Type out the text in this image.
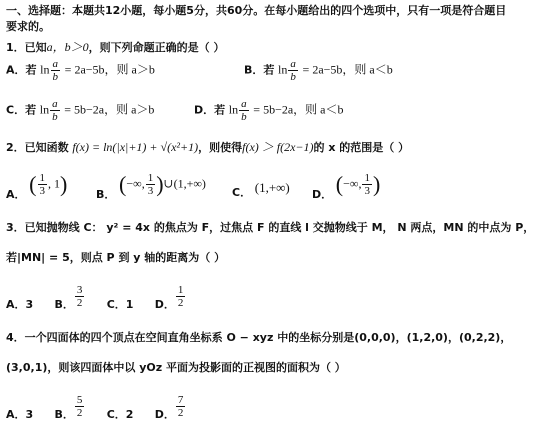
一、选择题：本题共12小题，每小题5分，共60分。在每小题给出的四个选项中，只有一项是符合题目
要求的。
1．已知a，b＞0，则下列命题正确的是（ ）
A．若 $\ln \frac{a}{b} = 2a-5b$，则 a＞b	B．若 $\ln \frac{a}{b} = 2a-5b$，则 a＜b
C．若 $\ln \frac{a}{b} = 5b-2a$，则 a＞b	D．若 $\ln \frac{a}{b} = 5b-2a$，则 a＜b
2．已知函数 f(x) = ln(|x|+1) + √(x²+1)，则使得f(x) ＞ f(2x−1)的 x 的范围是（ ）
A． ( $\frac{1}{3}$ , 1)	B． (−∞, $\frac{1}{3}$ )∪(1,+∞)
C． (1,+∞) D． (−∞, $\frac{1}{3}$ )
3．已知抛物线 C： y² = 4x 的焦点为 F，过焦点 F 的直线 l 交抛物线于 M， N 两点，MN 的中点为 P，
若|MN| = 5，则点 P 到 y 轴的距离为（ ）
A．3 B． $\frac{3}{2}$ C．1 D． $\frac{1}{2}$
4．一个四面体的四个顶点在空间直角坐标系 O − xyz 中的坐标分别是(0,0,0)，(1,2,0)，(0,2,2)，
(3,0,1)，则该四面体中以 yOz 平面为投影面的正视图的面积为（ ）
A．3 B． $\frac{5}{2}$ C．2 D． $\frac{7}{2}$
